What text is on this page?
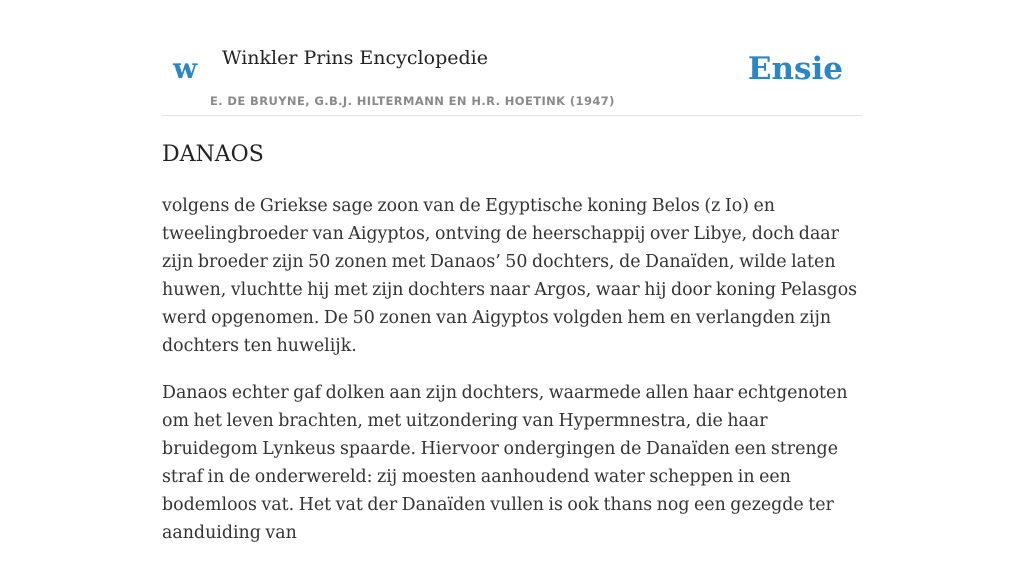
w Winkler Prins Encyclopedie
E. DE BRUYNE, G.B.J. HILTERMANN EN H.R. HOETINK (1947)
Ensie
DANAOS

volgens de Griekse sage zoon van de Egyptische koning Belos (z Io) en tweelingbroeder van Aigyptos, ontving de heerschappij over Libye, doch daar zijn broeder zijn 50 zonen met Danaos’ 50 dochters, de Danaïden, wilde laten huwen, vluchtte hij met zijn dochters naar Argos, waar hij door koning Pelasgos werd opgenomen. De 50 zonen van Aigyptos volgden hem en verlangden zijn dochters ten huwelijk.

Danaos echter gaf dolken aan zijn dochters, waarmede allen haar echtgenoten om het leven brachten, met uitzondering van Hypermnestra, die haar bruidegom Lynkeus spaarde. Hiervoor ondergingen de Danaïden een strenge straf in de onderwereld: zij moesten aanhoudend water scheppen in een bodemloos vat. Het vat der Danaïden vullen is ook thans nog een gezegde ter aanduiding van
